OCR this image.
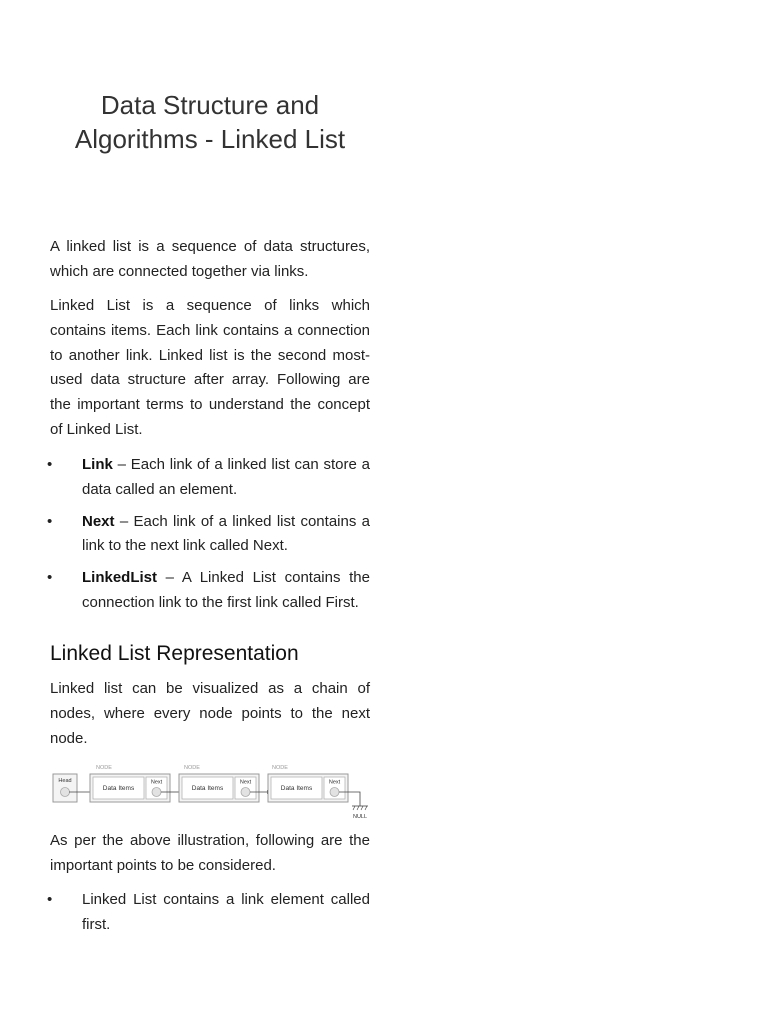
Data Structure and Algorithms - Linked List

A linked list is a sequence of data structures, which are connected together via links.

Linked List is a sequence of links which contains items. Each link contains a connection to another link. Linked list is the second most-used data structure after array. Following are the important terms to understand the concept of Linked List.

• Link – Each link of a linked list can store a data called an element.
• Next – Each link of a linked list contains a link to the next link called Next.
• LinkedList – A Linked List contains the connection link to the first link called First.
Linked List Representation

Linked list can be visualized as a chain of nodes, where every node points to the next node.

Head
NODE
Data Items
Next
NODE
Data Items
Next
NODE
Data Items
Next
NULL

As per the above illustration, following are the important points to be considered.

• Linked List contains a link element called first.
